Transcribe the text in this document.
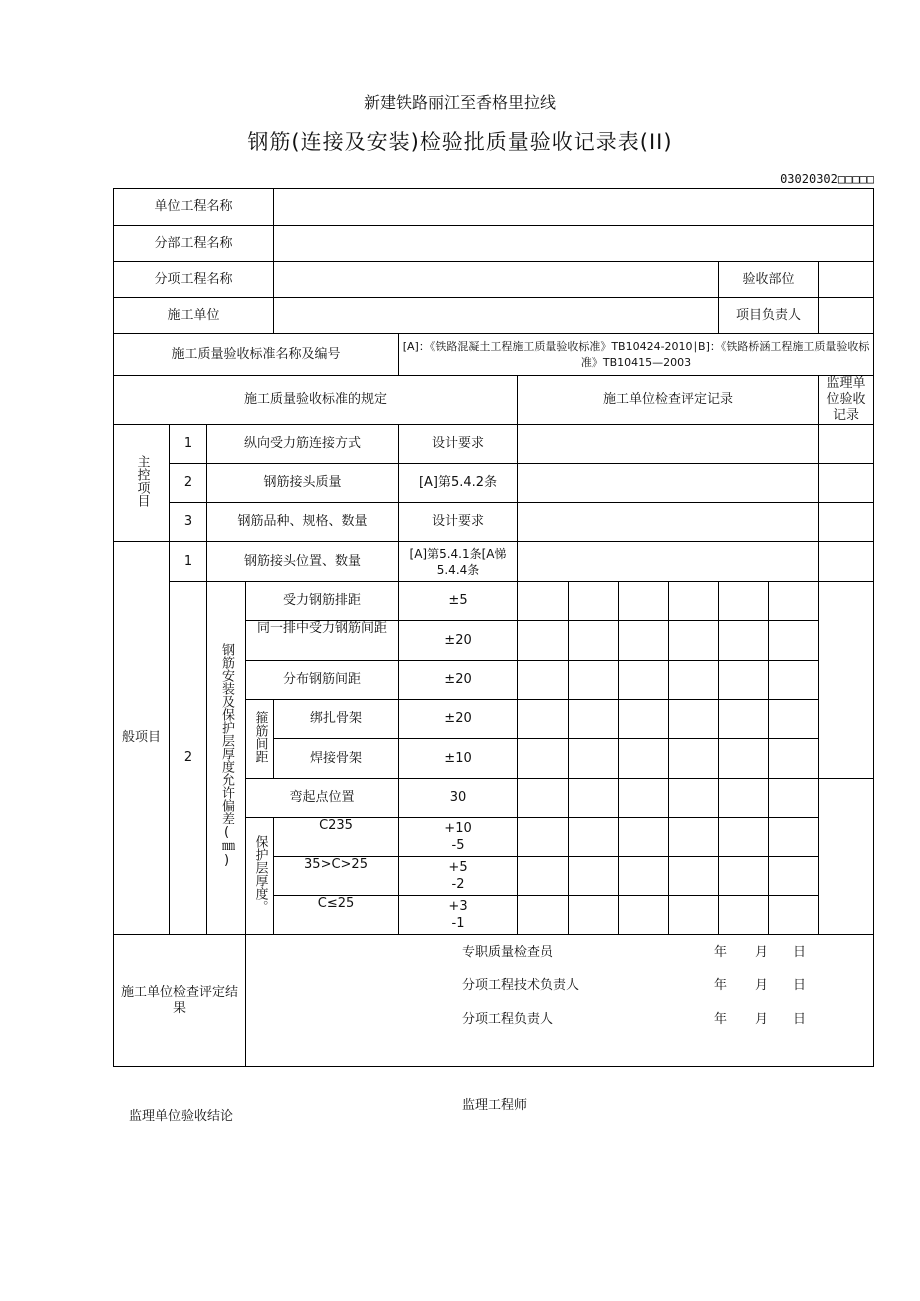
新建铁路丽江至香格里拉线
钢筋(连接及安装)检验批质量验收记录表(II)
03020302□□□□□
单位工程名称												
分部工程名称												
分项工程名称										验收部位		
施工单位										项目负责人		
施工质量验收标准名称及编号					[A]：《铁路混凝土工程施工质量验收标准》TB10424-2010∣B]：《铁路桥涵工程施工质量验收标准》TB10415—2003							
施工质量验收标准的规定						施工单位检查评定记录						监理单位验收记录
主控项目	1	纵向受力筋连接方式			设计要求							
	2	钢筋接头质量			[A]第5.4.2条							
	3	钢筋品种、规格、数量			设计要求							
般项目	1	钢筋接头位置、数量			[A]第5.4.1条[A悌5.4.4条							
	2	钢筋安装及保护层厚度允许偏差(㎜)	受力钢筋排距		±5							
			同一排中受力钢筋间距		±20							
			分布钢筋间距		±20							
			箍筋间距	绑扎骨架	±20							
				焊接骨架	±10							
			弯起点位置		30							
			保护层厚度。	C235	+10
-5							

				35>C>25	+5
-2							

				C≤25	+3
-1							

施工单位检查评定结果												
专职质量检查员	年 月 日
分项工程技术负责人	年 月 日
分项工程负责人	年 月 日
监理单位验收结论
监理工程师
